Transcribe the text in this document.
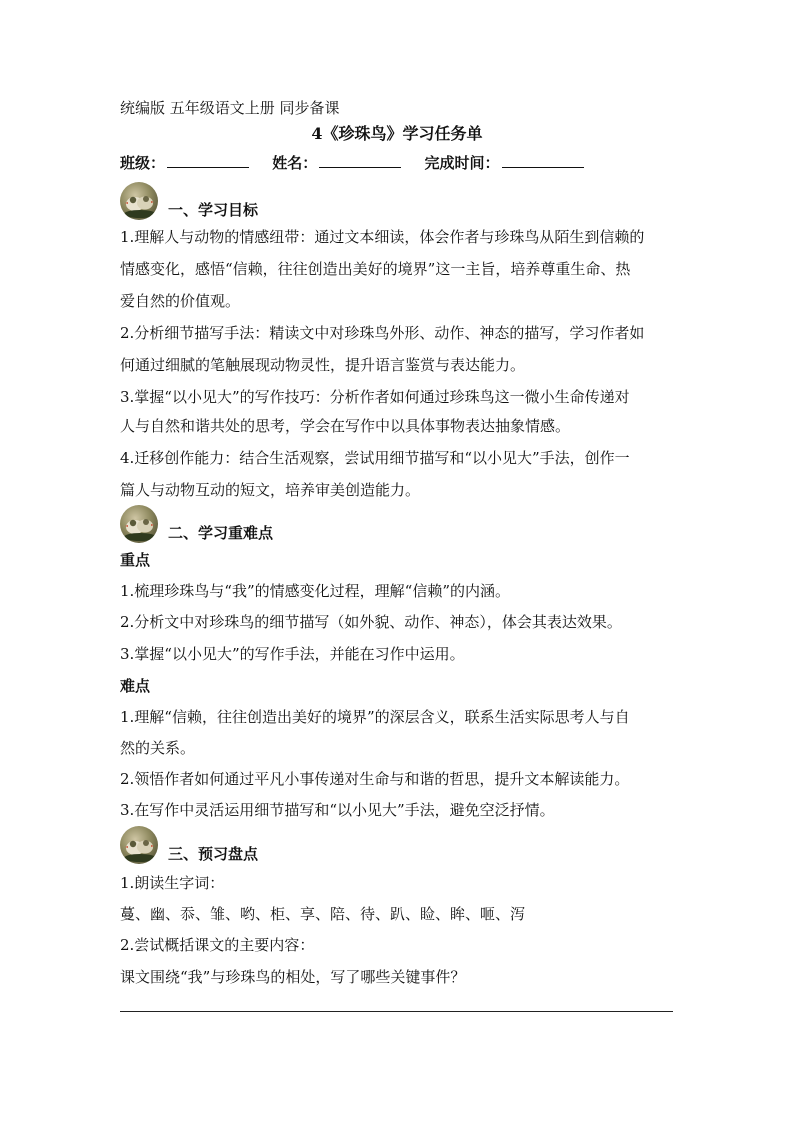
统编版 五年级语文上册 同步备课
4《珍珠鸟》学习任务单
班级：	姓名：	完成时间：
一、学习目标
1.理解人与动物的情感纽带：通过文本细读，体会作者与珍珠鸟从陌生到信赖的
情感变化，感悟“信赖，往往创造出美好的境界”这一主旨，培养尊重生命、热
爱自然的价值观。
2.分析细节描写手法：精读文中对珍珠鸟外形、动作、神态的描写，学习作者如
何通过细腻的笔触展现动物灵性，提升语言鉴赏与表达能力。
3.掌握“以小见大”的写作技巧：分析作者如何通过珍珠鸟这一微小生命传递对
人与自然和谐共处的思考，学会在写作中以具体事物表达抽象情感。
4.迁移创作能力：结合生活观察，尝试用细节描写和“以小见大”手法，创作一
篇人与动物互动的短文，培养审美创造能力。
二、学习重难点
重点
1.梳理珍珠鸟与“我”的情感变化过程，理解“信赖”的内涵。
2.分析文中对珍珠鸟的细节描写（如外貌、动作、神态），体会其表达效果。
3.掌握“以小见大”的写作手法，并能在习作中运用。
难点
1.理解“信赖，往往创造出美好的境界”的深层含义，联系生活实际思考人与自
然的关系。
2.领悟作者如何通过平凡小事传递对生命与和谐的哲思，提升文本解读能力。
3.在写作中灵活运用细节描写和“以小见大”手法，避免空泛抒情。
三、预习盘点
1.朗读生字词：
蔓、幽、忝、雏、哟、柜、享、陪、待、趴、睑、眸、咂、泻
2.尝试概括课文的主要内容：
课文围绕“我”与珍珠鸟的相处，写了哪些关键事件？
